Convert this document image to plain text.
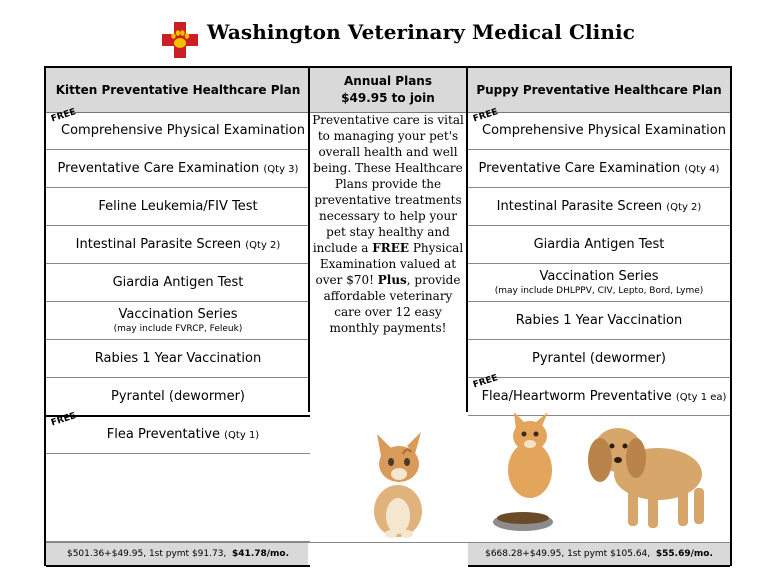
Washington Veterinary Medical Clinic
Kitten Preventative Healthcare Plan
FREE
Comprehensive Physical Examination
Preventative Care Examination (Qty 3)
Feline Leukemia/FIV Test
Intestinal Parasite Screen (Qty 2)
Giardia Antigen Test
Vaccination Series
(may include FVRCP, Feleuk)
Rabies 1 Year Vaccination
Pyrantel (dewormer)
FREE
Flea Preventative (Qty 1)
$501.36+$49.95, 1st pymt $91.73,
$41.78/mo.
Annual Plans
$49.95 to join
Preventative care is vital to managing your pet's overall health and well being. These Healthcare Plans provide the preventative treatments necessary to help your pet stay healthy and include a FREE Physical Examination valued at over $70! Plus, provide affordable veterinary care over 12 easy monthly payments!
Puppy Preventative Healthcare Plan
FREE
Comprehensive Physical Examination
Preventative Care Examination (Qty 4)
Intestinal Parasite Screen (Qty 2)
Giardia Antigen Test
Vaccination Series
(may include DHLPPV, CIV, Lepto, Bord, Lyme)
Rabies 1 Year Vaccination
Pyrantel (dewormer)
FREE
Flea/Heartworm Preventative (Qty 1 ea)
$668.28+$49.95, 1st pymt $105.64,
$55.69/mo.
